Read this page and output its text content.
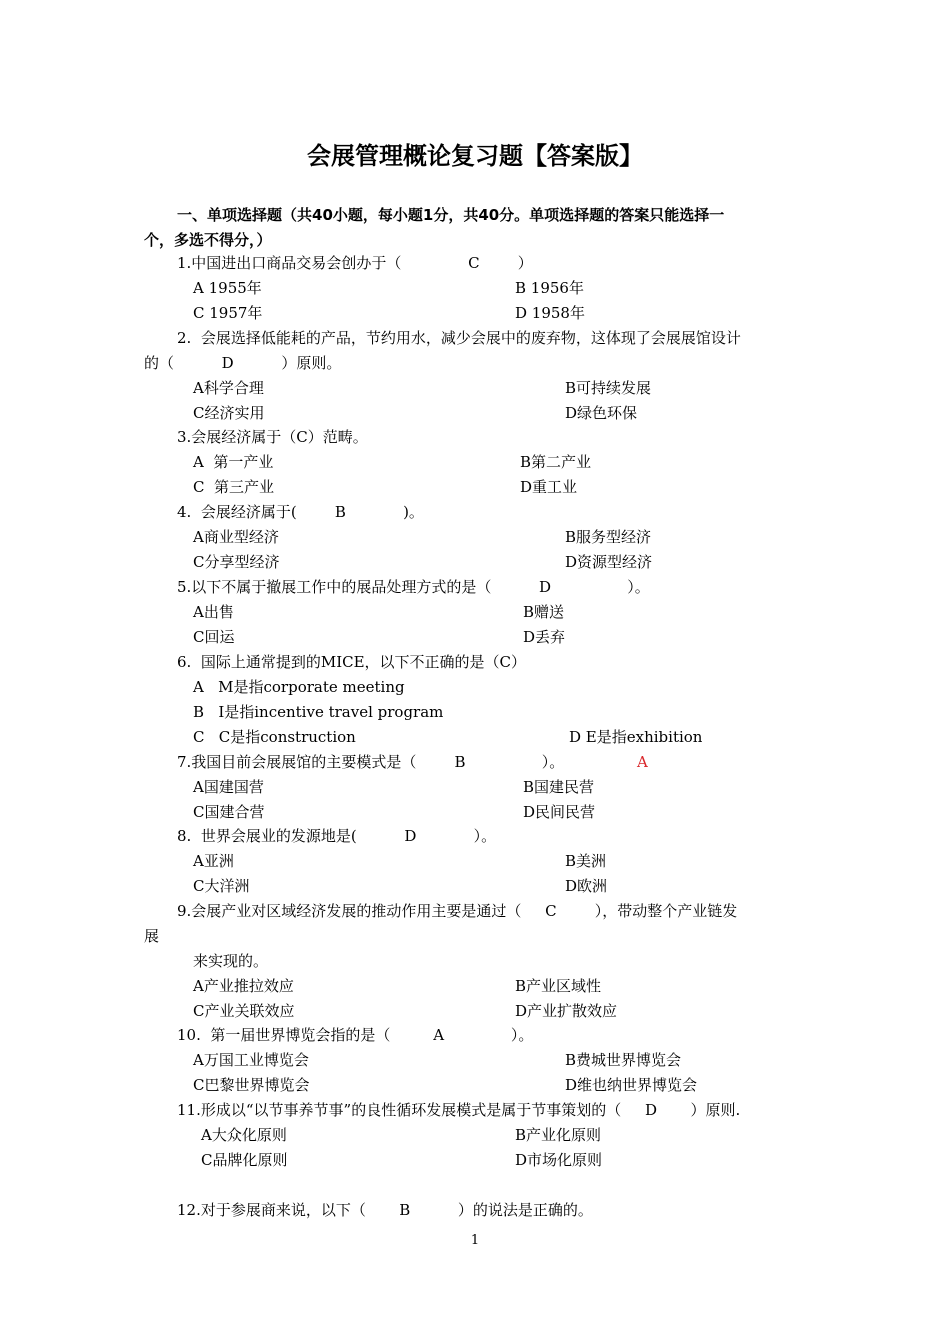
会展管理概论复习题【答案版】
一、单项选择题（共40小题，每小题1分，共40分。单项选择题的答案只能选择一
个，多选不得分，）
1.中国进出口商品交易会创办于（              C        ）
A 1955年	B 1956年
C 1957年	D 1958年
2.  会展选择低能耗的产品，节约用水，减少会展中的废弃物，这体现了会展展馆设计
的（          D          ）原则。
A科学合理	B可持续发展
C经济实用	D绿色环保
3.会展经济属于（C）范畴。
A  第一产业	B第二产业
C  第三产业	D重工业
4.  会展经济属于(        B            )。
A商业型经济	B服务型经济
C分享型经济	D资源型经济
5.以下不属于撤展工作中的展品处理方式的是（          D                ）。
A出售	B赠送
C回运	D丢弃
6.  国际上通常提到的MICE，以下不正确的是（C）
A   M是指corporate meeting
B   I是指incentive travel program
C   C是指construction	D E是指exhibition
7.我国目前会展展馆的主要模式是（        B                ）。	A
A国建国营	B国建民营
C国建合营	D民间民营
8.  世界会展业的发源地是(          D            ）。
A亚洲	B美洲
C大洋洲	D欧洲
9.会展产业对区域经济发展的推动作用主要是通过（     C        ），带动整个产业链发
展
来实现的。
A产业推拉效应	B产业区域性
C产业关联效应	D产业扩散效应
10.  第一届世界博览会指的是（         A              ）。
A万国工业博览会	B费城世界博览会
C巴黎世界博览会	D维也纳世界博览会
11.形成以“以节事养节事”的良性循环发展模式是属于节事策划的（     D       ）原则.
A大众化原则	B产业化原则
C品牌化原则	D市场化原则
12.对于参展商来说，以下（       B          ）的说法是正确的。
1
